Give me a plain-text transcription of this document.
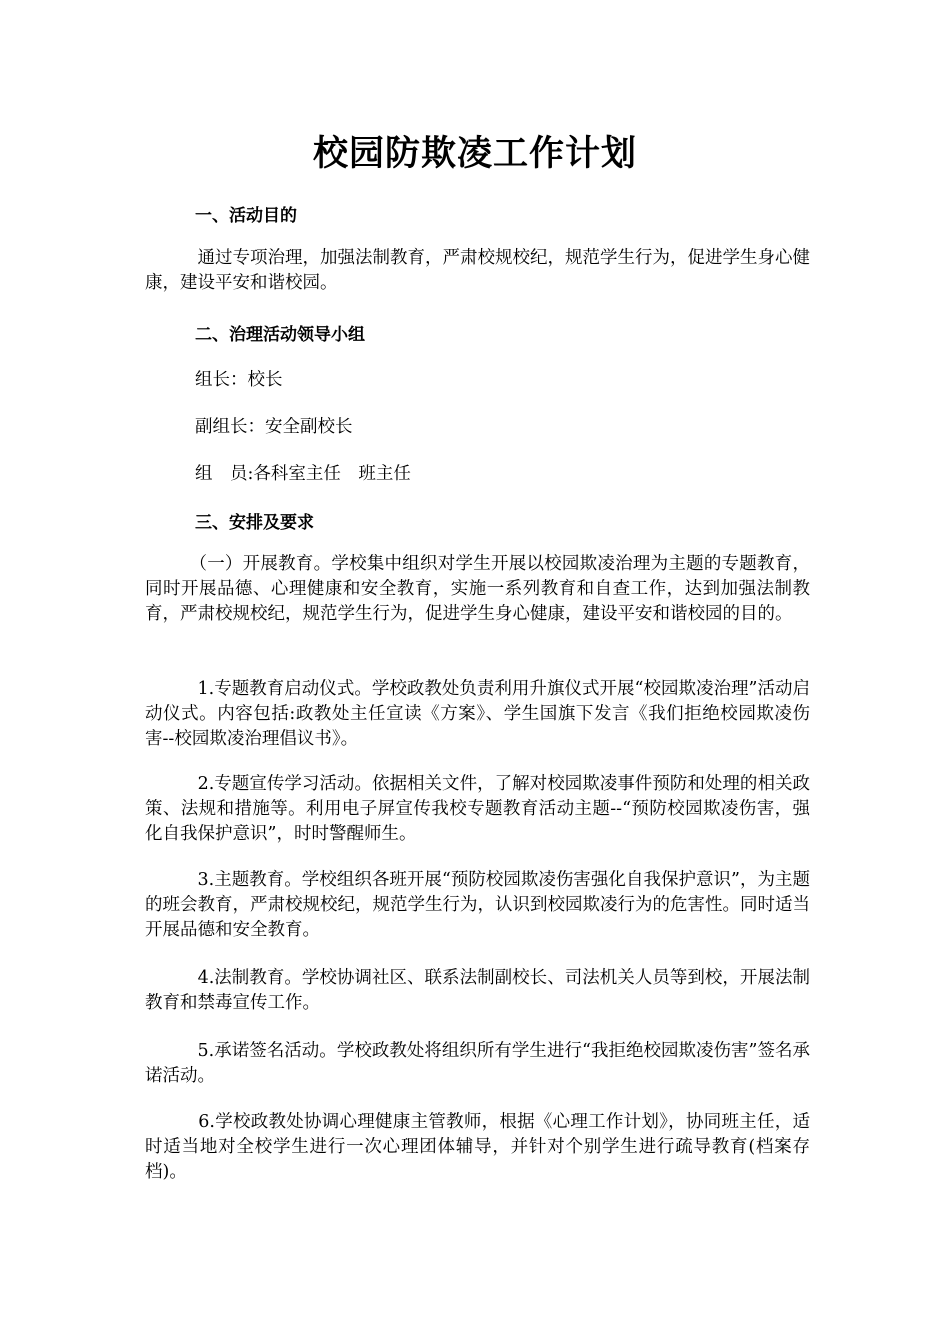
校园防欺凌工作计划
一、活动目的
　　　通过专项治理，加强法制教育，严肃校规校纪，规范学生行为，促进学生身心健康，建设平安和谐校园。
二、治理活动领导小组
组长：校长
副组长：安全副校长
组　员:各科室主任　班主任
三、安排及要求
　　　（一）开展教育。学校集中组织对学生开展以校园欺凌治理为主题的专题教育，同时开展品德、心理健康和安全教育，实施一系列教育和自查工作，达到加强法制教育，严肃校规校纪，规范学生行为，促进学生身心健康，建设平安和谐校园的目的。
　　　1.专题教育启动仪式。学校政教处负责利用升旗仪式开展“校园欺凌治理”活动启动仪式。内容包括:政教处主任宣读《方案》、学生国旗下发言《我们拒绝校园欺凌伤害--校园欺凌治理倡议书》。
　　　2.专题宣传学习活动。依据相关文件，了解对校园欺凌事件预防和处理的相关政策、法规和措施等。利用电子屏宣传我校专题教育活动主题--“预防校园欺凌伤害，强化自我保护意识”，时时警醒师生。
　　　3.主题教育。学校组织各班开展“预防校园欺凌伤害强化自我保护意识”，为主题的班会教育，严肃校规校纪，规范学生行为，认识到校园欺凌行为的危害性。同时适当开展品德和安全教育。
　　　4.法制教育。学校协调社区、联系法制副校长、司法机关人员等到校，开展法制教育和禁毒宣传工作。
　　　5.承诺签名活动。学校政教处将组织所有学生进行“我拒绝校园欺凌伤害”签名承诺活动。
　　　6.学校政教处协调心理健康主管教师，根据《心理工作计划》，协同班主任，适时适当地对全校学生进行一次心理团体辅导，并针对个别学生进行疏导教育(档案存档)。
